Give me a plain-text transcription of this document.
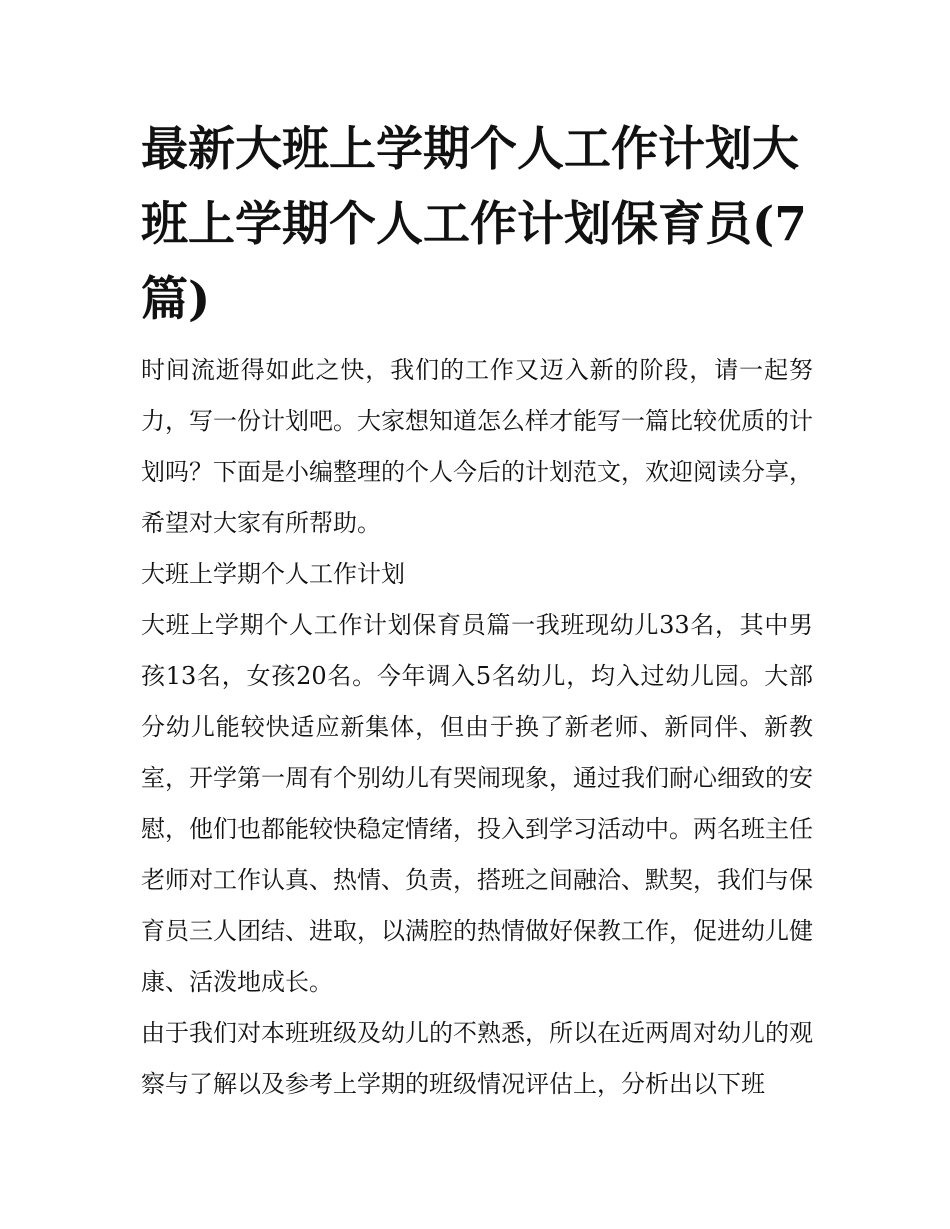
最新大班上学期个人工作计划大班上学期个人工作计划保育员(7篇)

时间流逝得如此之快，我们的工作又迈入新的阶段，请一起努力，写一份计划吧。大家想知道怎么样才能写一篇比较优质的计划吗？下面是小编整理的个人今后的计划范文，欢迎阅读分享，希望对大家有所帮助。

大班上学期个人工作计划

大班上学期个人工作计划保育员篇一我班现幼儿33名，其中男孩13名，女孩20名。今年调入5名幼儿，均入过幼儿园。大部分幼儿能较快适应新集体，但由于换了新老师、新同伴、新教室，开学第一周有个别幼儿有哭闹现象，通过我们耐心细致的安慰，他们也都能较快稳定情绪，投入到学习活动中。两名班主任老师对工作认真、热情、负责，搭班之间融洽、默契，我们与保育员三人团结、进取，以满腔的热情做好保教工作，促进幼儿健康、活泼地成长。

由于我们对本班班级及幼儿的不熟悉，所以在近两周对幼儿的观察与了解以及参考上学期的班级情况评估上，分析出以下班
